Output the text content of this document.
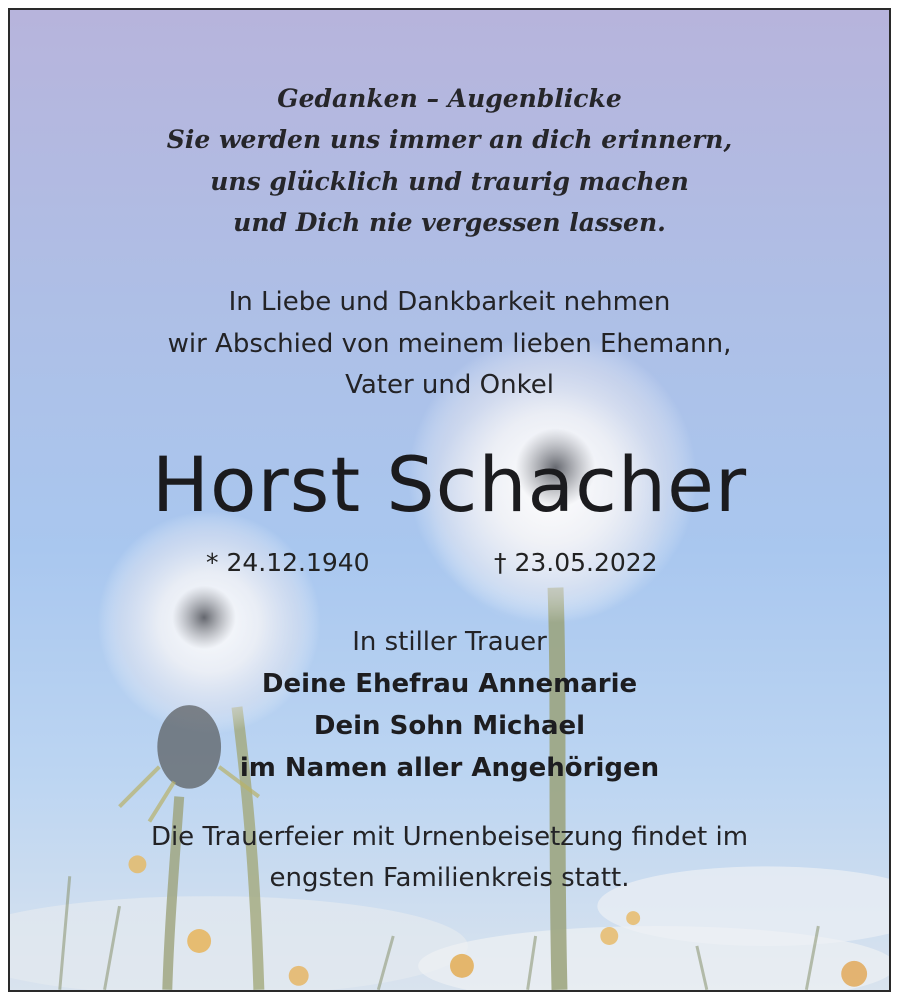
Gedanken – Augenblicke
Sie werden uns immer an dich erinnern,
uns glücklich und traurig machen
und Dich nie vergessen lassen.
In Liebe und Dankbarkeit nehmen
wir Abschied von meinem lieben Ehemann,
Vater und Onkel
Horst Schacher
* 24.12.1940	† 23.05.2022
In stiller Trauer
Deine Ehefrau Annemarie
Dein Sohn Michael
im Namen aller Angehörigen
Die Trauerfeier mit Urnenbeisetzung findet im
engsten Familienkreis statt.
